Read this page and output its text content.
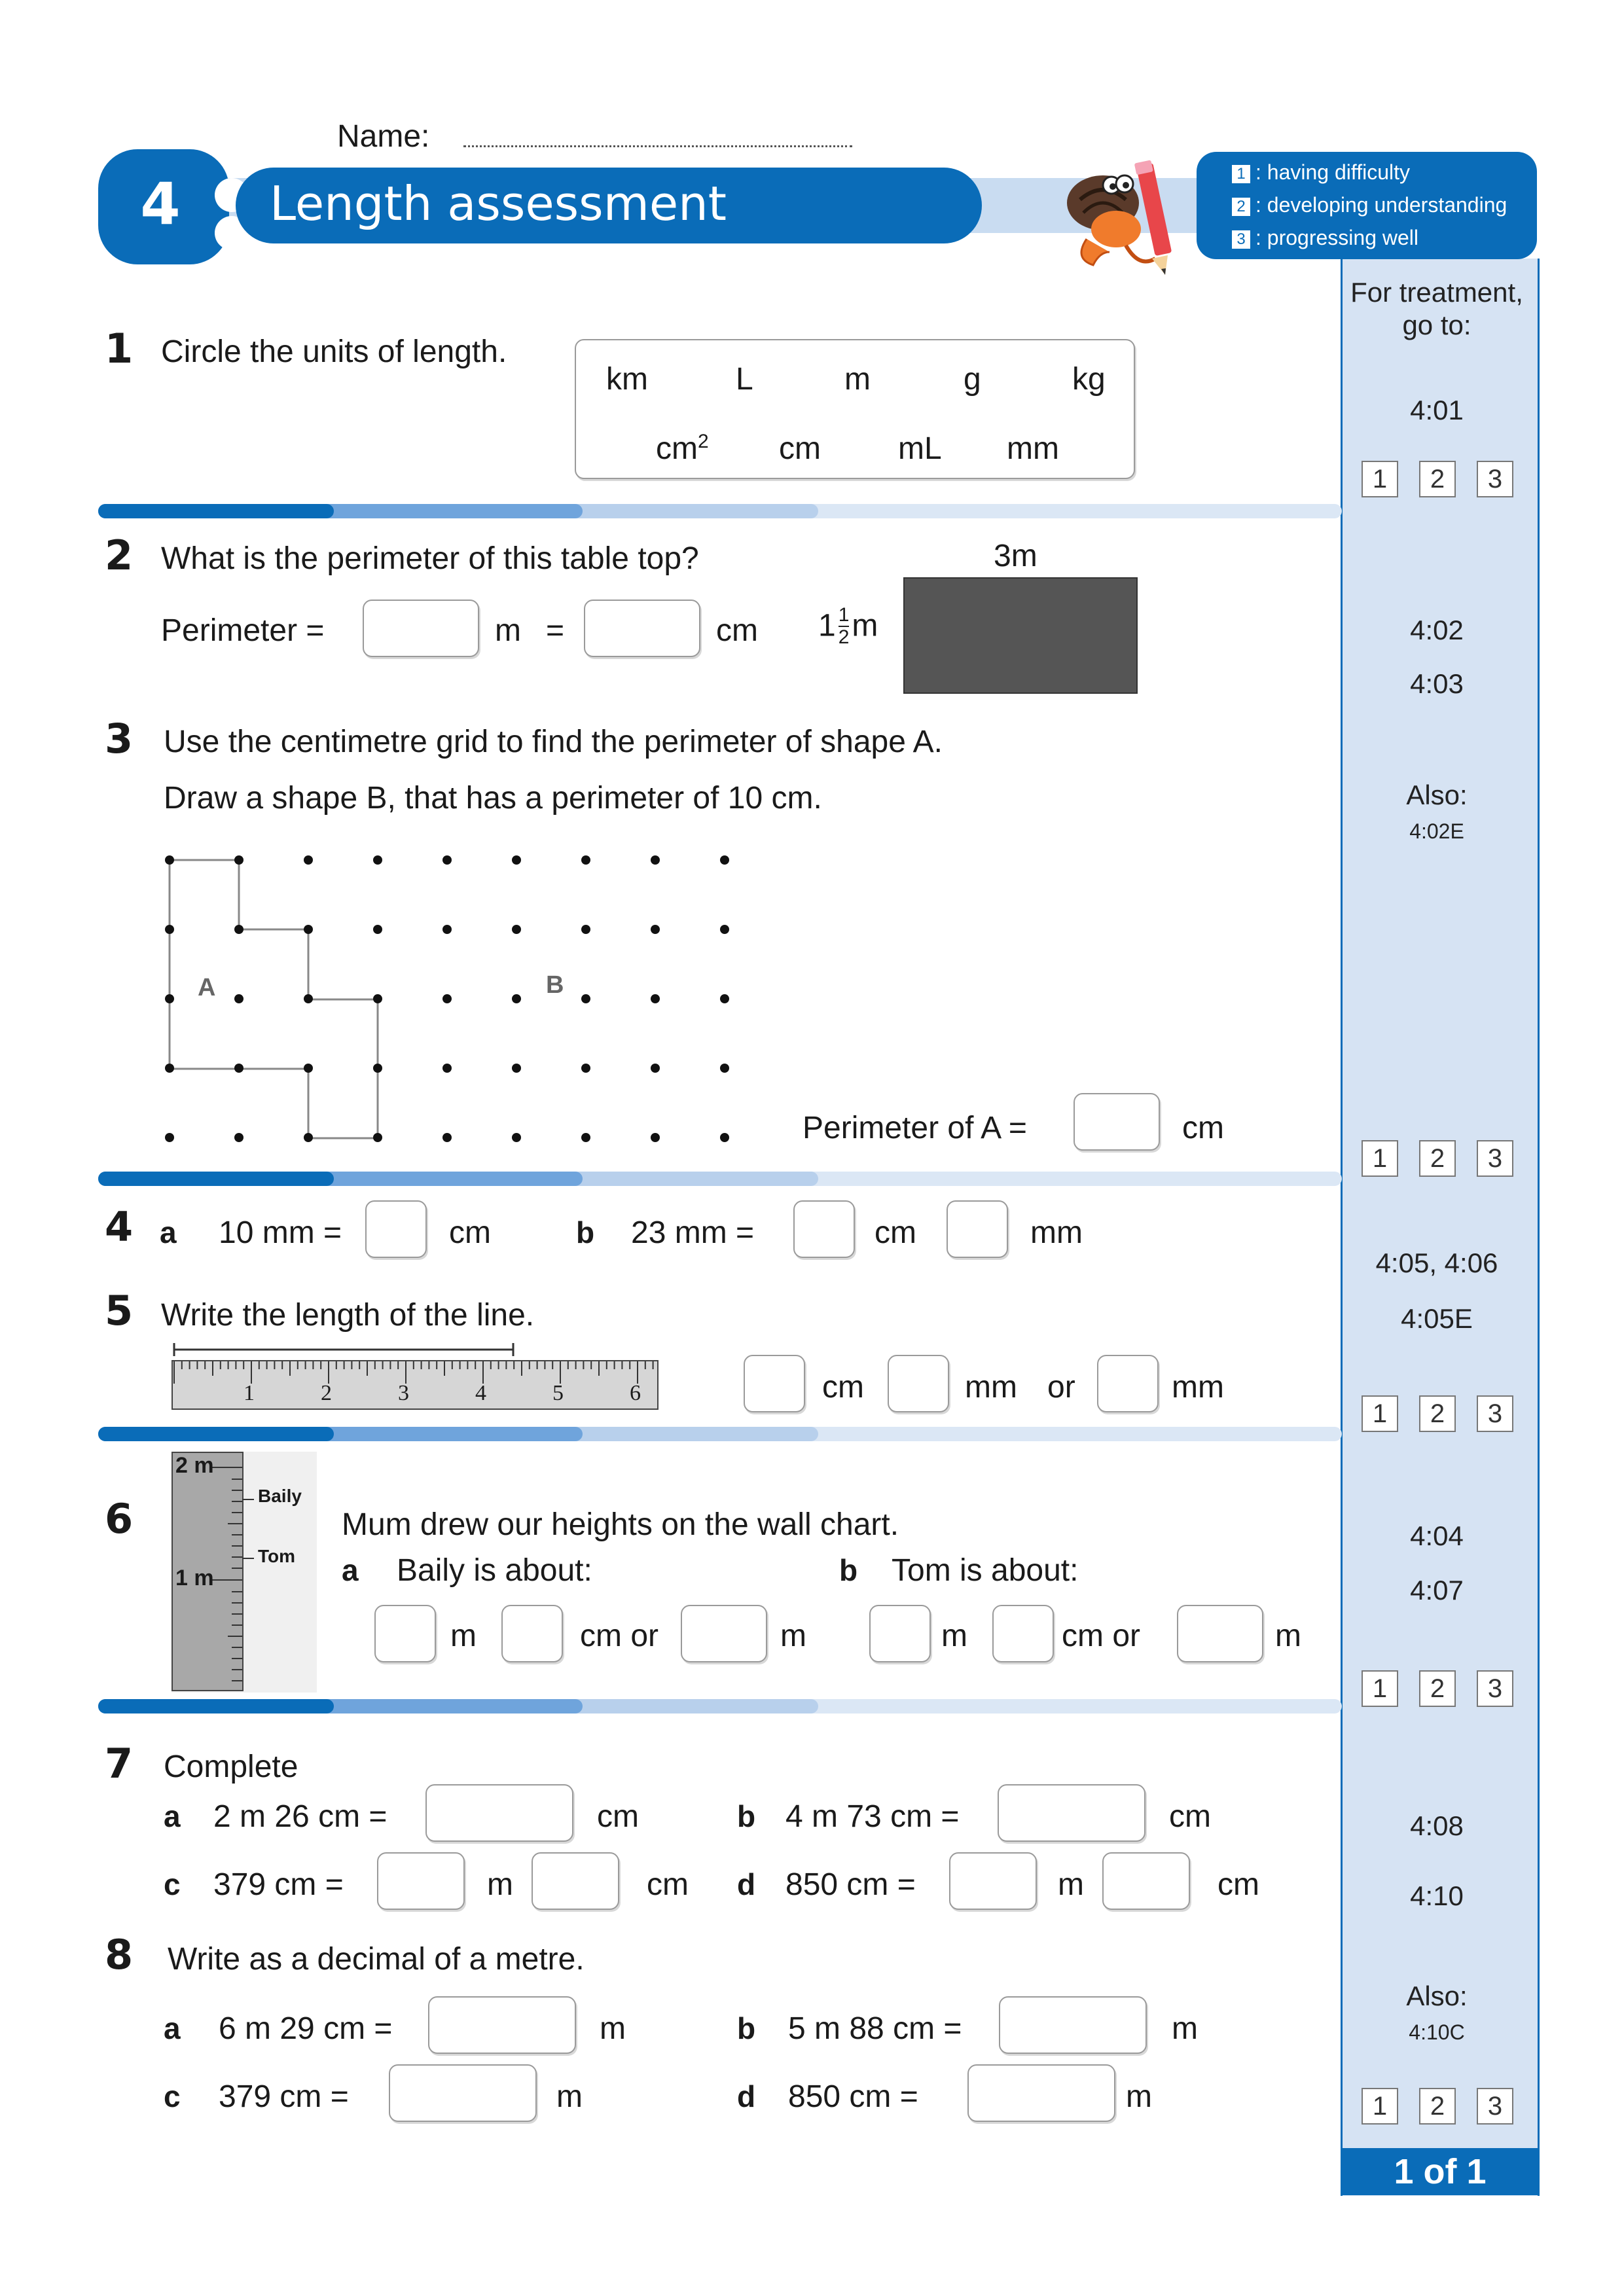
For treatment, go to:
4:01
4:02
4:03
Also:
4:02E
4:05, 4:06
4:05E
4:04
4:07
4:08
4:10
Also:
4:10C
1	2	3
1	2	3
1	2	3
1	2	3
1	2	3
1 of 1
Name:
4	Length assessment
1 : having difficulty
2 : developing understanding
3 : progressing well
1 Circle the units of length.
km	L	m	g	kg
$cm^2$ cm mL mm
2 What is the perimeter of this table top?
Perimeter =	m =	cm
3m
$1 \frac{1}{2}$ m
3 Use the centimetre grid to find the perimeter of shape A.
Draw a shape B, that has a perimeter of 10 cm.
A	B
Perimeter of A =	cm
4 a 10 mm =	cm	b 23 mm =	cm	mm
5 Write the length of the line.
1	2	3	4	5	6	cm	mm or	mm
2 m
1 m
Baily
Tom
6	Mum drew our heights on the wall chart.
a Baily is about:	b Tom is about:
m	cm or	m	m	cm or	m
7 Complete
a 2 m 26 cm =	cm	b 4 m 73 cm =	cm
c 379 cm =	m	cm d 850 cm =	m	cm
8 Write as a decimal of a metre.
a 6 m 29 cm =	m	b 5 m 88 cm =	m
c 379 cm =	m	d 850 cm =	m
